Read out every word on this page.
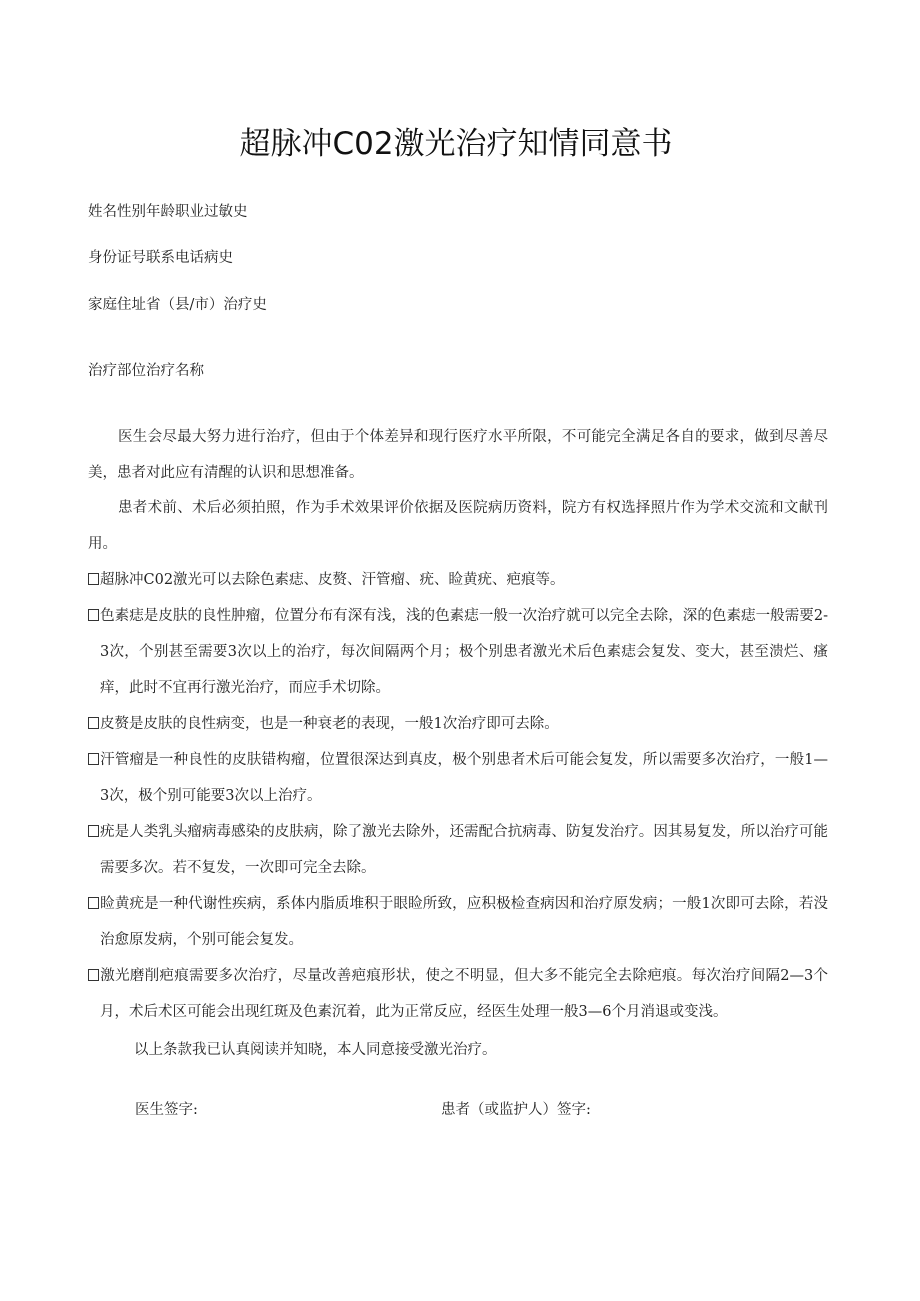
超脉冲C02激光治疗知情同意书
姓名性别年龄职业过敏史
身份证号联系电话病史
家庭住址省（县/市）治疗史
治疗部位治疗名称
医生会尽最大努力进行治疗，但由于个体差异和现行医疗水平所限，不可能完全满足各自的要求，做到尽善尽美，患者对此应有清醒的认识和思想准备。
患者术前、术后必须拍照，作为手术效果评价依据及医院病历资料，院方有权选择照片作为学术交流和文献刊用。
超脉冲C02激光可以去除色素痣、皮赘、汗管瘤、疣、睑黄疣、疤痕等。
色素痣是皮肤的良性肿瘤，位置分布有深有浅，浅的色素痣一般一次治疗就可以完全去除，深的色素痣一般需要2-3次，个别甚至需要3次以上的治疗，每次间隔两个月；极个别患者激光术后色素痣会复发、变大，甚至溃烂、瘙痒，此时不宜再行激光治疗，而应手术切除。
皮赘是皮肤的良性病变，也是一种衰老的表现，一般1次治疗即可去除。
汗管瘤是一种良性的皮肤错构瘤，位置很深达到真皮，极个别患者术后可能会复发，所以需要多次治疗，一般1—3次，极个别可能要3次以上治疗。
疣是人类乳头瘤病毒感染的皮肤病，除了激光去除外，还需配合抗病毒、防复发治疗。因其易复发，所以治疗可能需要多次。若不复发，一次即可完全去除。
睑黄疣是一种代谢性疾病，系体内脂质堆积于眼睑所致，应积极检查病因和治疗原发病；一般1次即可去除，若没治愈原发病，个别可能会复发。
激光磨削疤痕需要多次治疗，尽量改善疤痕形状，使之不明显，但大多不能完全去除疤痕。每次治疗间隔2—3个月，术后术区可能会出现红斑及色素沉着，此为正常反应，经医生处理一般3—6个月消退或变浅。
以上条款我已认真阅读并知晓，本人同意接受激光治疗。
医生签字:	患者（或监护人）签字:
